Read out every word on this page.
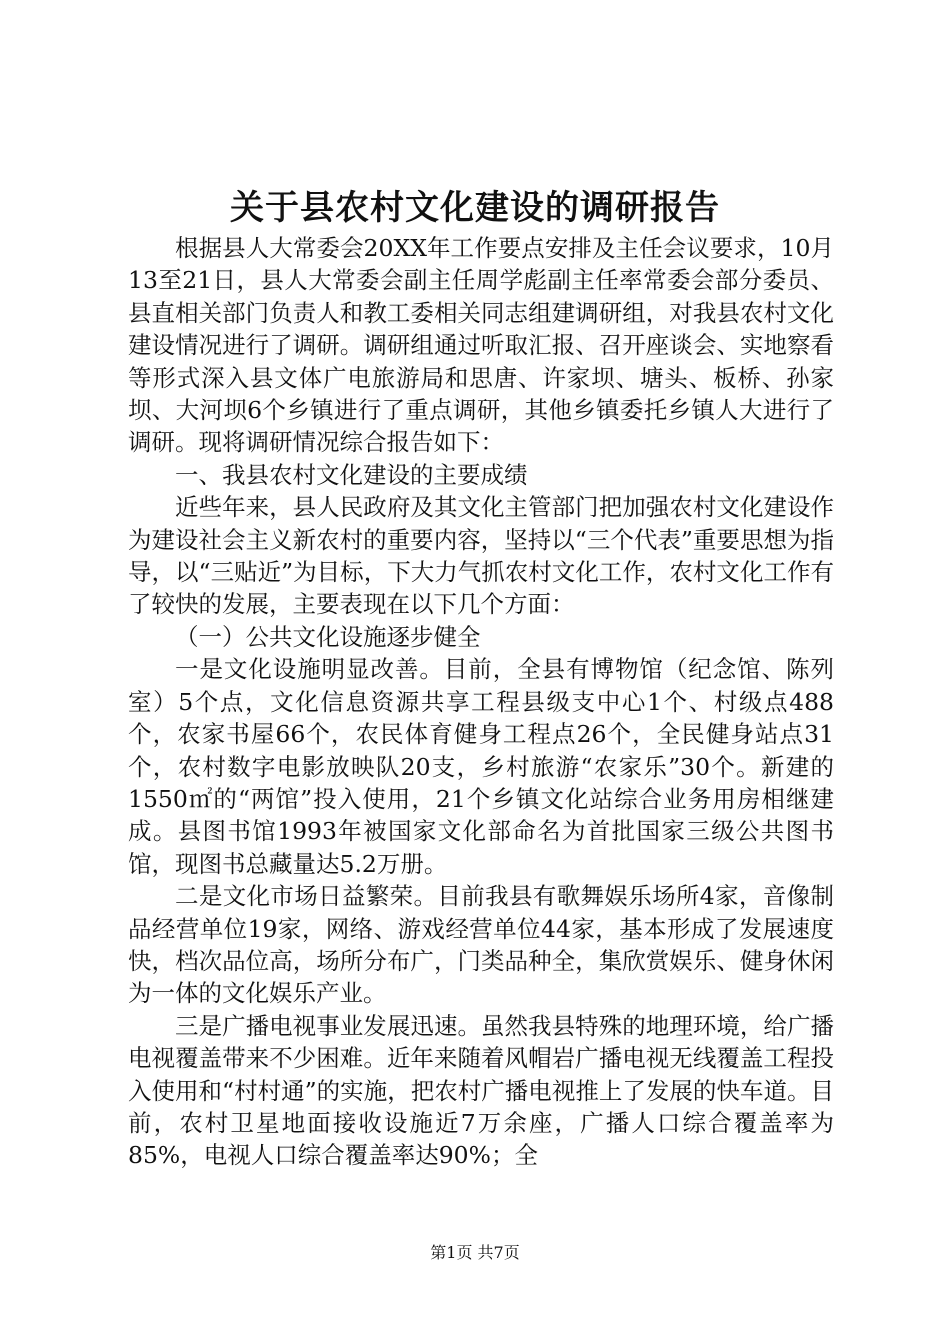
关于县农村文化建设的调研报告

根据县人大常委会20XX年工作要点安排及主任会议要求，10月13至21日，县人大常委会副主任周学彪副主任率常委会部分委员、县直相关部门负责人和教工委相关同志组建调研组，对我县农村文化建设情况进行了调研。调研组通过听取汇报、召开座谈会、实地察看等形式深入县文体广电旅游局和思唐、许家坝、塘头、板桥、孙家坝、大河坝6个乡镇进行了重点调研，其他乡镇委托乡镇人大进行了调研。现将调研情况综合报告如下：

一、我县农村文化建设的主要成绩

近些年来，县人民政府及其文化主管部门把加强农村文化建设作为建设社会主义新农村的重要内容，坚持以“三个代表”重要思想为指导，以“三贴近”为目标，下大力气抓农村文化工作，农村文化工作有了较快的发展，主要表现在以下几个方面：

（一）公共文化设施逐步健全

一是文化设施明显改善。目前，全县有博物馆（纪念馆、陈列室）5个点，文化信息资源共享工程县级支中心1个、村级点488个，农家书屋66个，农民体育健身工程点26个，全民健身站点31个，农村数字电影放映队20支，乡村旅游“农家乐”30个。新建的1550㎡的“两馆”投入使用，21个乡镇文化站综合业务用房相继建成。县图书馆1993年被国家文化部命名为首批国家三级公共图书馆，现图书总藏量达5.2万册。

二是文化市场日益繁荣。目前我县有歌舞娱乐场所4家，音像制品经营单位19家，网络、游戏经营单位44家，基本形成了发展速度快，档次品位高，场所分布广，门类品种全，集欣赏娱乐、健身休闲为一体的文化娱乐产业。

三是广播电视事业发展迅速。虽然我县特殊的地理环境，给广播电视覆盖带来不少困难。近年来随着风帽岩广播电视无线覆盖工程投入使用和“村村通”的实施，把农村广播电视推上了发展的快车道。目前，农村卫星地面接收设施近7万余座，广播人口综合覆盖率为85%，电视人口综合覆盖率达90%；全

第1页 共7页
